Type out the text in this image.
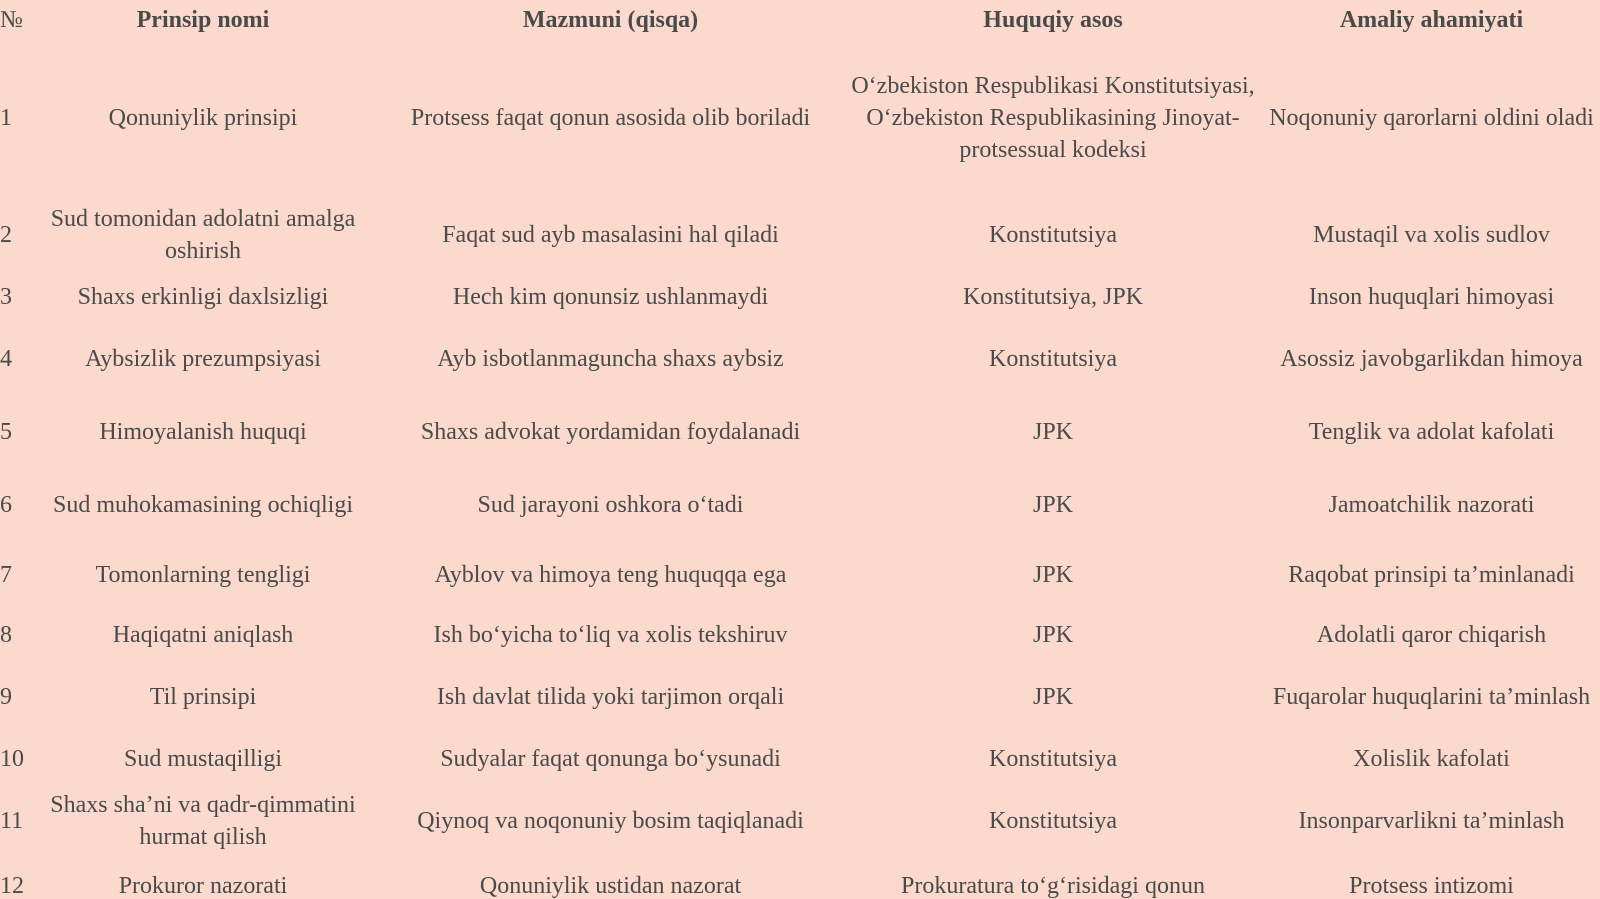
№	Prinsip nomi	Mazmuni (qisqa)	Huquqiy asos	Amaliy ahamiyati
1	Qonuniylik prinsipi	Protsess faqat qonun asosida olib boriladi	O‘zbekiston Respublikasi Konstitutsiyasi, O‘zbekiston Respublikasining Jinoyat-protsessual kodeksi	Noqonuniy qarorlarni oldini oladi
2	Sud tomonidan adolatni amalga oshirish	Faqat sud ayb masalasini hal qiladi	Konstitutsiya	Mustaqil va xolis sudlov
3	Shaxs erkinligi daxlsizligi	Hech kim qonunsiz ushlanmaydi	Konstitutsiya, JPK	Inson huquqlari himoyasi
4	Aybsizlik prezumpsiyasi	Ayb isbotlanmaguncha shaxs aybsiz	Konstitutsiya	Asossiz javobgarlikdan himoya
5	Himoyalanish huquqi	Shaxs advokat yordamidan foydalanadi	JPK	Tenglik va adolat kafolati
6	Sud muhokamasining ochiqligi	Sud jarayoni oshkora o‘tadi	JPK	Jamoatchilik nazorati
7	Tomonlarning tengligi	Ayblov va himoya teng huquqqa ega	JPK	Raqobat prinsipi ta’minlanadi
8	Haqiqatni aniqlash	Ish bo‘yicha to‘liq va xolis tekshiruv	JPK	Adolatli qaror chiqarish
9	Til prinsipi	Ish davlat tilida yoki tarjimon orqali	JPK	Fuqarolar huquqlarini ta’minlash
10	Sud mustaqilligi	Sudyalar faqat qonunga bo‘ysunadi	Konstitutsiya	Xolislik kafolati
11	Shaxs sha’ni va qadr-qimmatini hurmat qilish	Qiynoq va noqonuniy bosim taqiqlanadi	Konstitutsiya	Insonparvarlikni ta’minlash
12	Prokuror nazorati	Qonuniylik ustidan nazorat	Prokuratura to‘g‘risidagi qonun	Protsess intizomi
